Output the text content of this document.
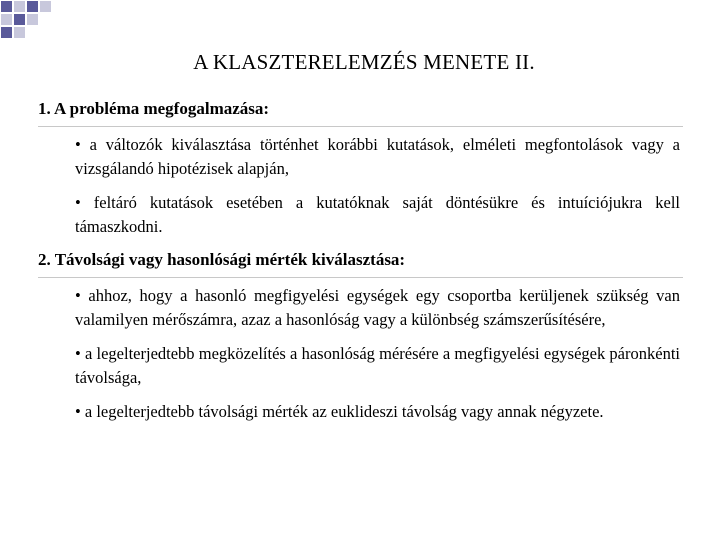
A KLASZTERELEMZÉS MENETE II.

1. A probléma megfogalmazása:

• a változók kiválasztása történhet korábbi kutatások, elméleti megfontolások vagy a vizsgálandó hipotézisek alapján,
• feltáró kutatások esetében a kutatóknak saját döntésükre és intuíciójukra kell támaszkodni.

2. Távolsági vagy hasonlósági mérték kiválasztása:

• ahhoz, hogy a hasonló megfigyelési egységek egy csoportba kerüljenek szükség van valamilyen mérőszámra, azaz a hasonlóság vagy a különbség számszerűsítésére,
• a legelterjedtebb megközelítés a hasonlóság mérésére a megfigyelési egységek páronkénti távolsága,
• a legelterjedtebb távolsági mérték az euklideszi távolság vagy annak négyzete.
